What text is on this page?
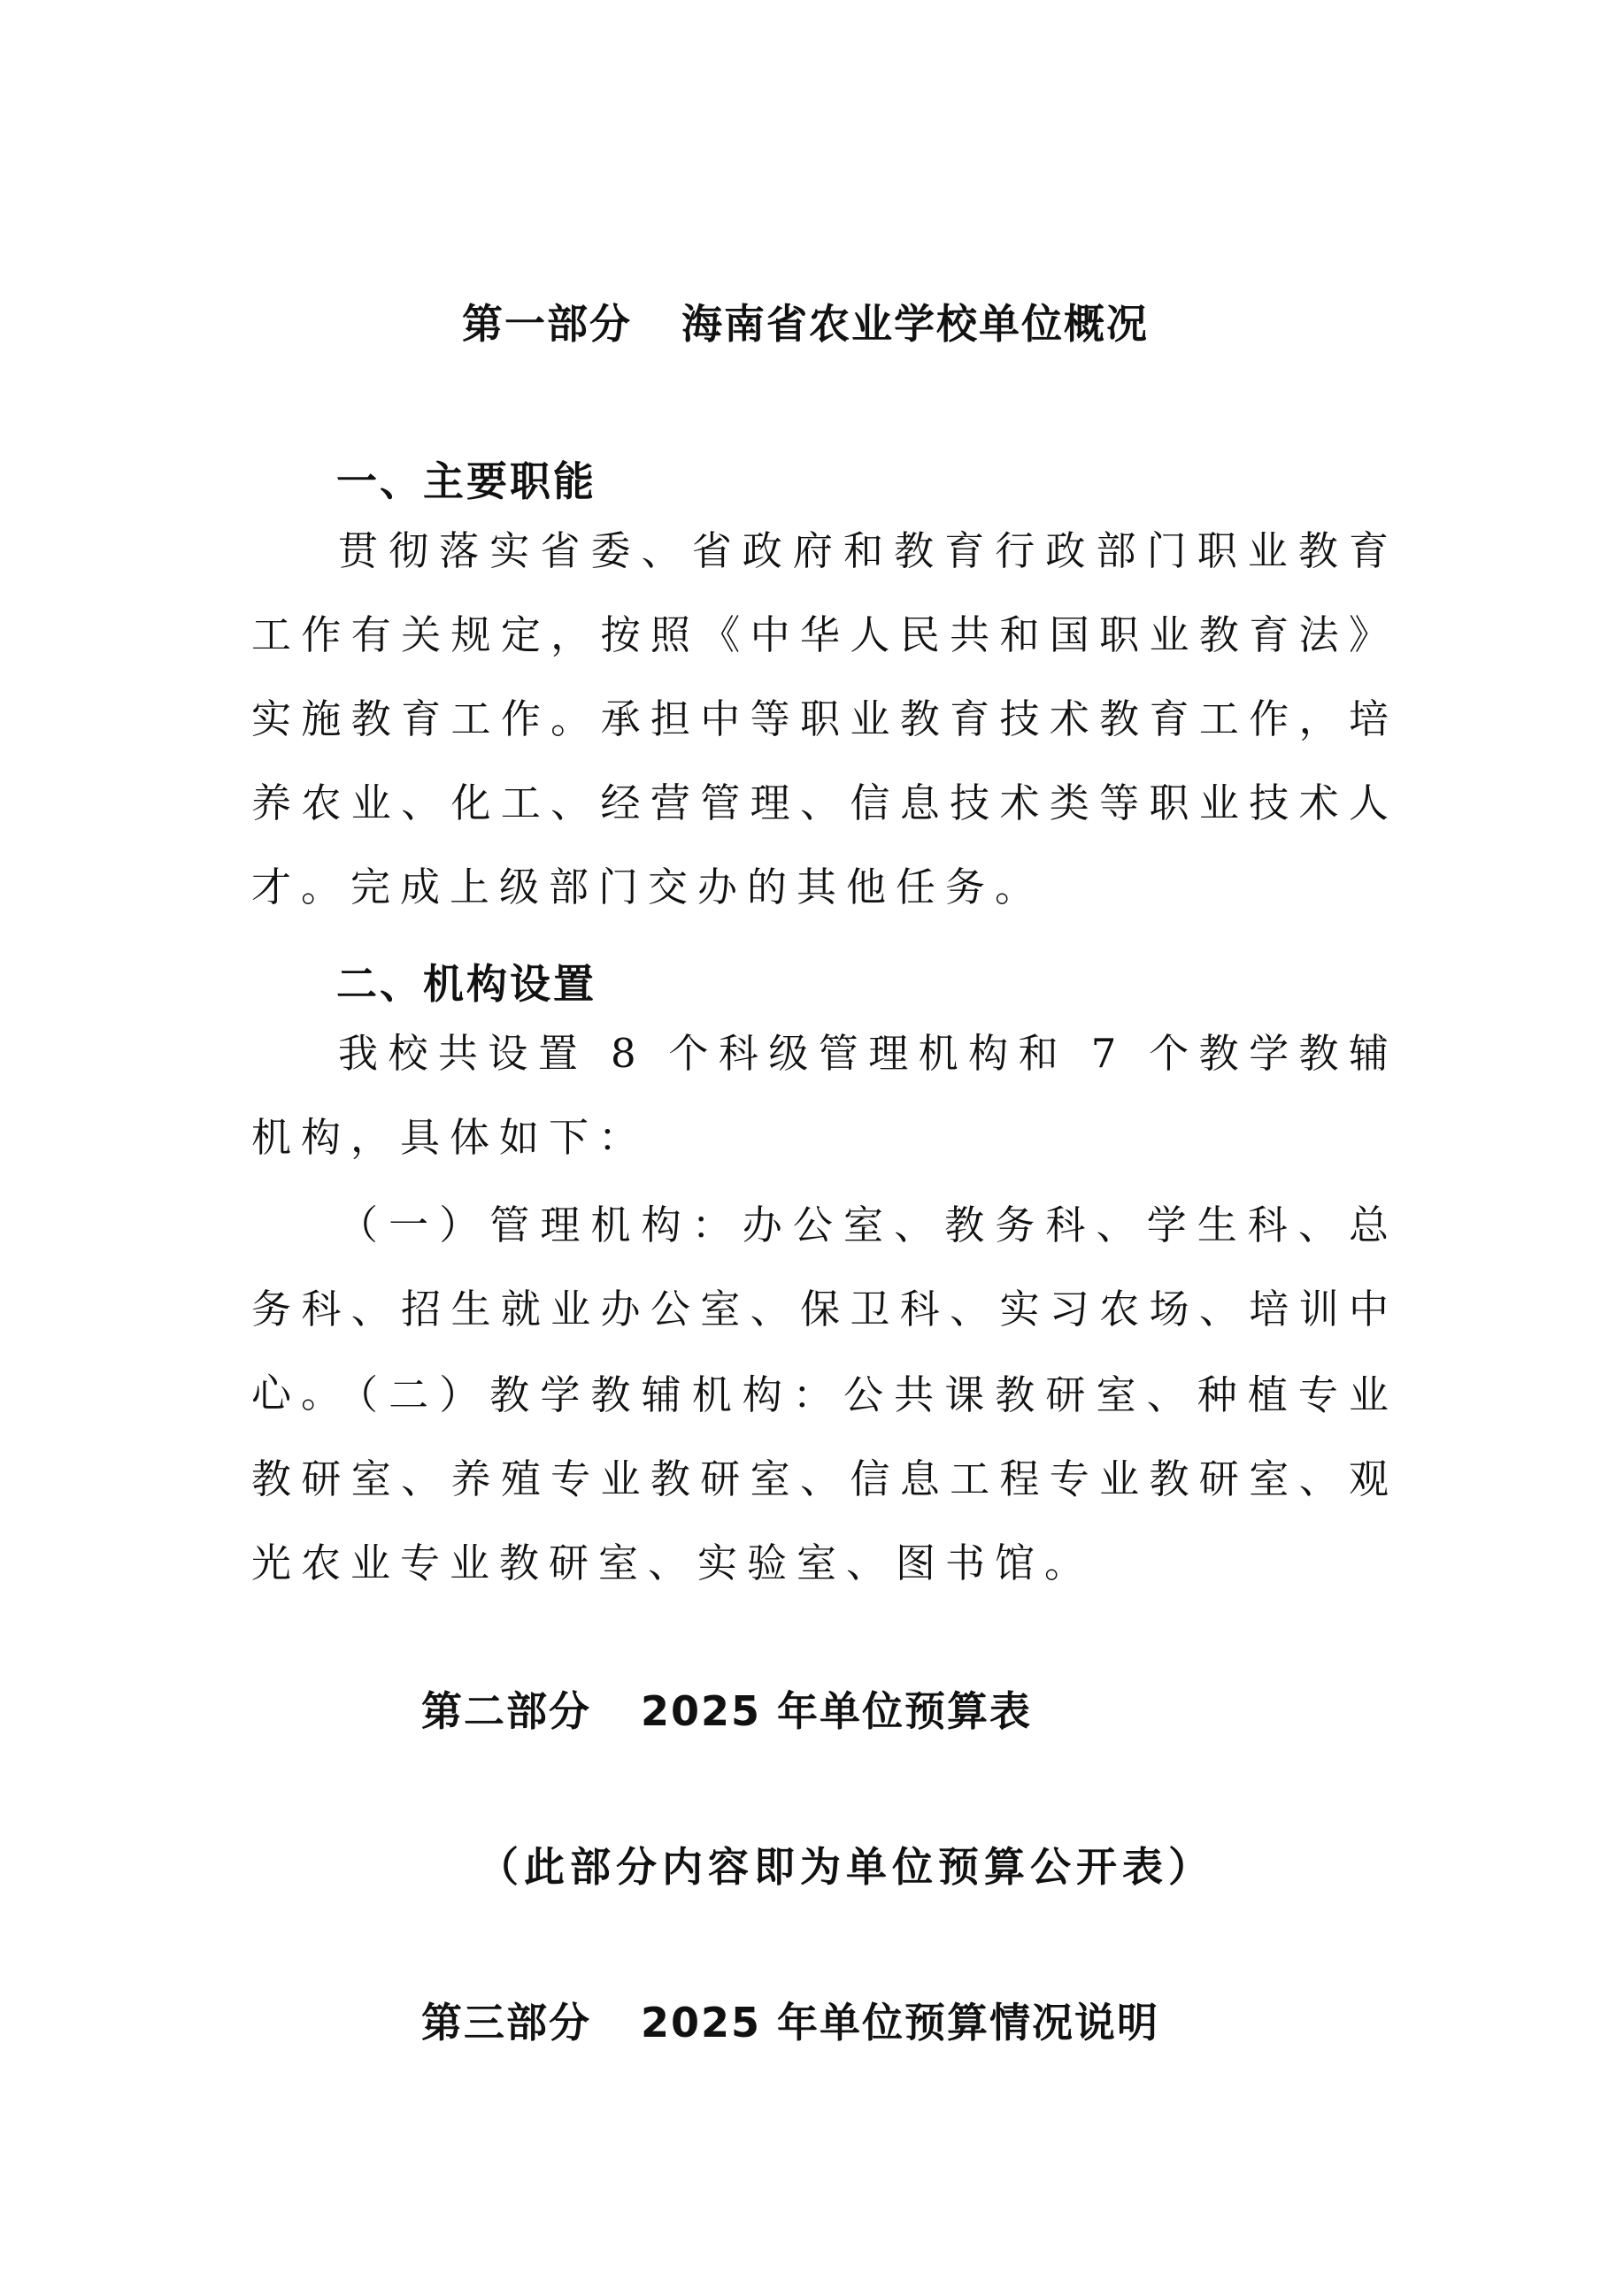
第一部分 海南省农业学校单位概况
一、主要职能

贯彻落实省委、省政府和教育行政部门职业教育工作有关规定，按照《中华人民共和国职业教育法》实施教育工作。承担中等职业教育技术教育工作，培养农业、化工、经营管理、信息技术类等职业技术人才。完成上级部门交办的其他任务。

二、机构设置

我校共设置 8 个科级管理机构和 7 个教学教辅机构，具体如下：

（一）管理机构：办公室、教务科、学生科、总务科、招生就业办公室、保卫科、实习农场、培训中心。

（二）教学教辅机构：公共课教研室、种植专业教研室、养殖专业教研室、信息工程专业教研室、观光农业专业教研室、实验室、图书馆。

第二部分 2025 年单位预算表
（此部分内容即为单位预算公开表）
第三部分 2025 年单位预算情况说明
